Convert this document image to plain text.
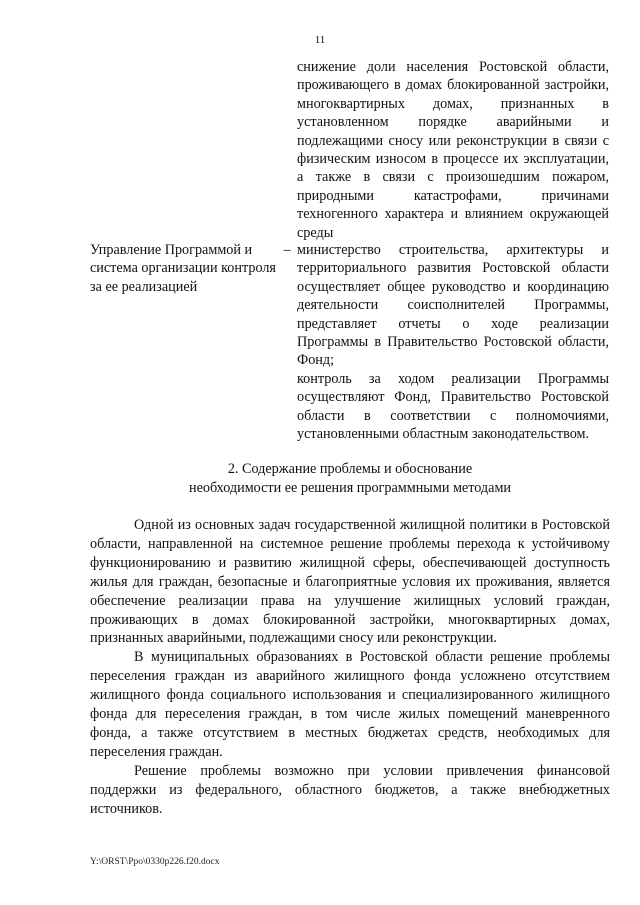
11
снижение доли населения Ростовской области, проживающего в домах блокированной застройки, многоквартирных домах, признанных в установленном порядке аварийными и подлежащими сносу или реконструкции в связи с физическим износом в процессе их эксплуатации, а также в связи с произошедшим пожаром, природными катастрофами, причинами техногенного характера и влиянием окружающей среды
Управление Программой и система организации контроля за ее реализацией
– министерство строительства, архитектуры и территориального развития Ростовской области осуществляет общее руководство и координацию деятельности соисполнителей Программы, представляет отчеты о ходе реализации Программы в Правительство Ростовской области, Фонд;

контроль за ходом реализации Программы осуществляют Фонд, Правительство Ростовской области в соответствии с полномочиями, установленными областным законодательством.

2. Содержание проблемы и обоснование
необходимости ее решения программными методами

Одной из основных задач государственной жилищной политики в Ростовской области, направленной на системное решение проблемы перехода к устойчивому функционированию и развитию жилищной сферы, обеспечивающей доступность жилья для граждан, безопасные и благоприятные условия их проживания, является обеспечение реализации права на улучшение жилищных условий граждан, проживающих в домах блокированной застройки, многоквартирных домах, признанных аварийными, подлежащими сносу или реконструкции.

В муниципальных образованиях в Ростовской области решение проблемы переселения граждан из аварийного жилищного фонда усложнено отсутствием жилищного фонда социального использования и специализированного жилищного фонда для переселения граждан, в том числе жилых помещений маневренного фонда, а также отсутствием в местных бюджетах средств, необходимых для переселения граждан.

Решение проблемы возможно при условии привлечения финансовой поддержки из федерального, областного бюджетов, а также внебюджетных источников.

Y:\ORST\Ppo\0330p226.f20.docx
